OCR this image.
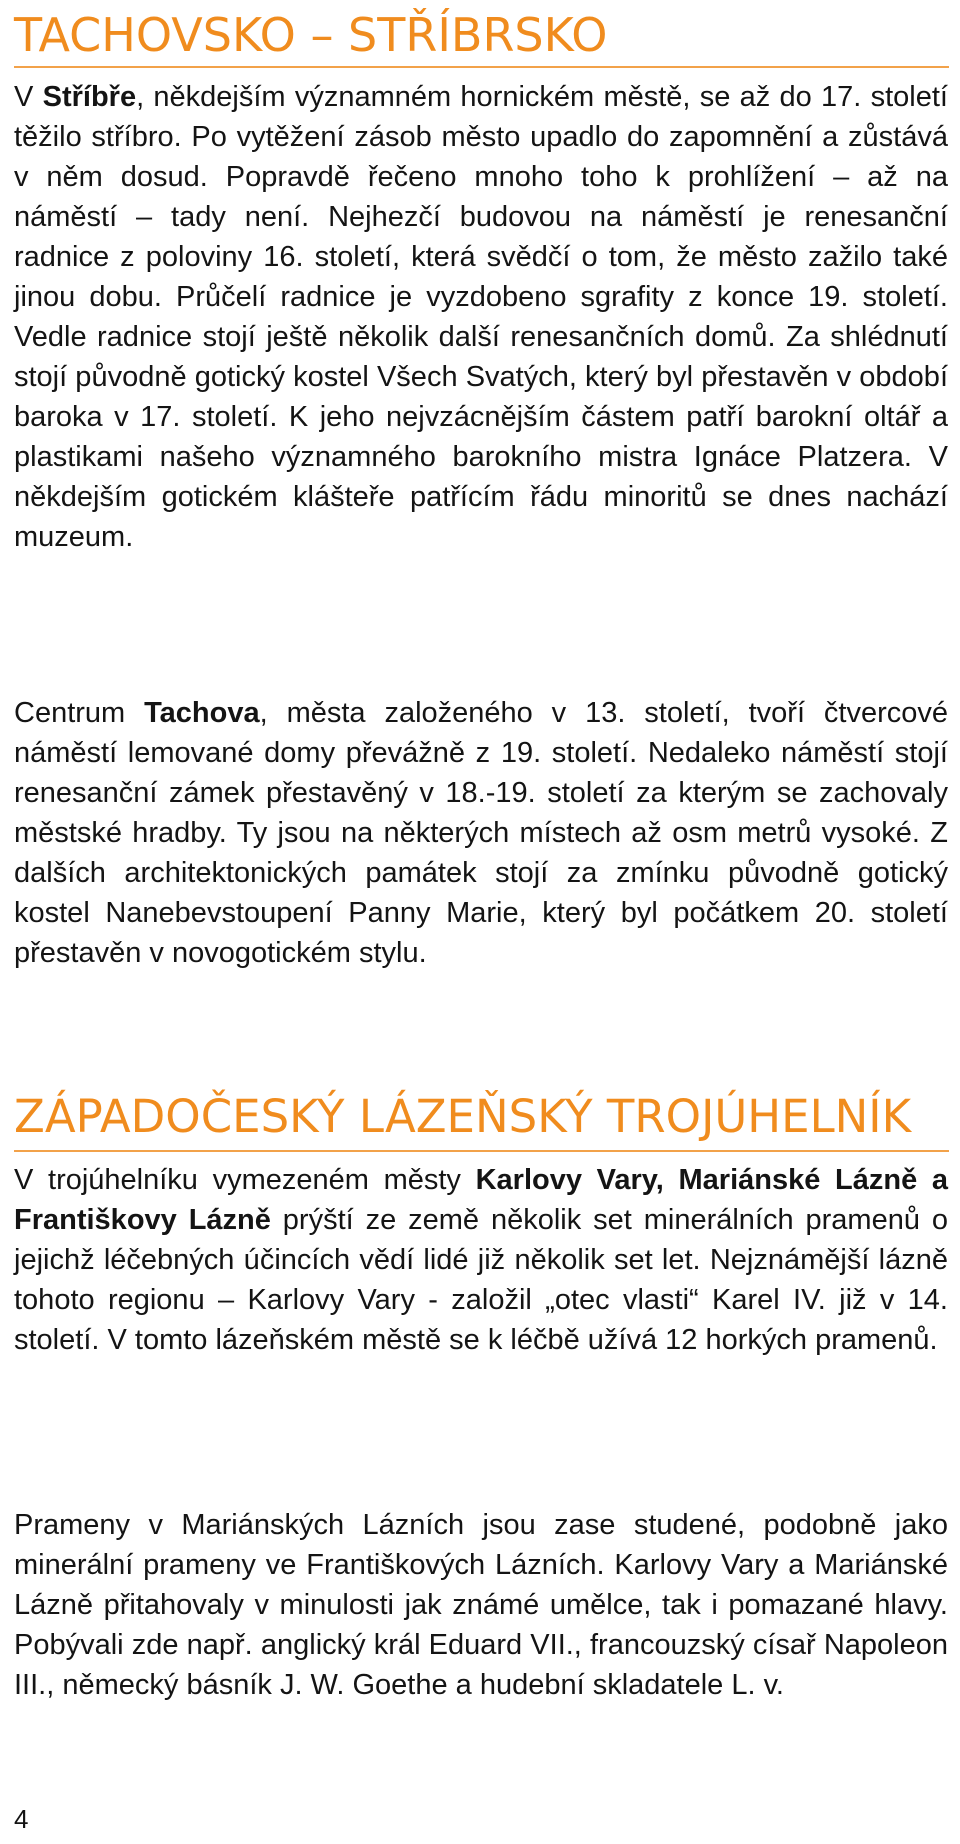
TACHOVSKO – STŘÍBRSKO

V Stříbře, někdejším významném hornickém městě, se až do 17. století těžilo stříbro. Po vytěžení zásob město upadlo do zapomnění a zůstává v něm dosud. Popravdě řečeno mnoho toho k prohlížení – až na náměstí – tady není. Nejhezčí budovou na náměstí je renesanční radnice z poloviny 16. století, která svědčí o tom, že město zažilo také jinou dobu. Průčelí radnice je vyzdobeno sgrafity z konce 19. století. Vedle radnice stojí ještě několik další renesančních domů. Za shlédnutí stojí původně gotický kostel Všech Svatých, který byl přestavěn v období baroka v 17. století. K jeho nejvzácnějším částem patří barokní oltář a plastikami našeho významného barokního mistra Ignáce Platzera. V někdejším gotickém klášteře patřícím řádu minoritů se dnes nachází muzeum.

Centrum Tachova, města založeného v 13. století, tvoří čtvercové náměstí lemované domy převážně z 19. století. Nedaleko náměstí stojí renesanční zámek přestavěný v 18.-19. století za kterým se zachovaly městské hradby. Ty jsou na některých místech až osm metrů vysoké. Z dalších architektonických památek stojí za zmínku původně gotický kostel Nanebevstoupení Panny Marie, který byl počátkem 20. století přestavěn v novogotickém stylu.

ZÁPADOČESKÝ LÁZEŇSKÝ TROJÚHELNÍK

V trojúhelníku vymezeném městy Karlovy Vary, Mariánské Lázně a Františkovy Lázně prýští ze země několik set minerálních pramenů o jejichž léčebných účincích vědí lidé již několik set let. Nejznámější lázně tohoto regionu – Karlovy Vary - založil „otec vlasti“ Karel IV. již v 14. století. V tomto lázeňském městě se k léčbě užívá 12 horkých pramenů.

Prameny v Mariánských Lázních jsou zase studené, podobně jako minerální prameny ve Františkových Lázních. Karlovy Vary a Mariánské Lázně přitahovaly v minulosti jak známé umělce, tak i pomazané hlavy. Pobývali zde např. anglický král Eduard VII., francouzský císař Napoleon III., německý básník J. W. Goethe a hudební skladatele L. v.

4
